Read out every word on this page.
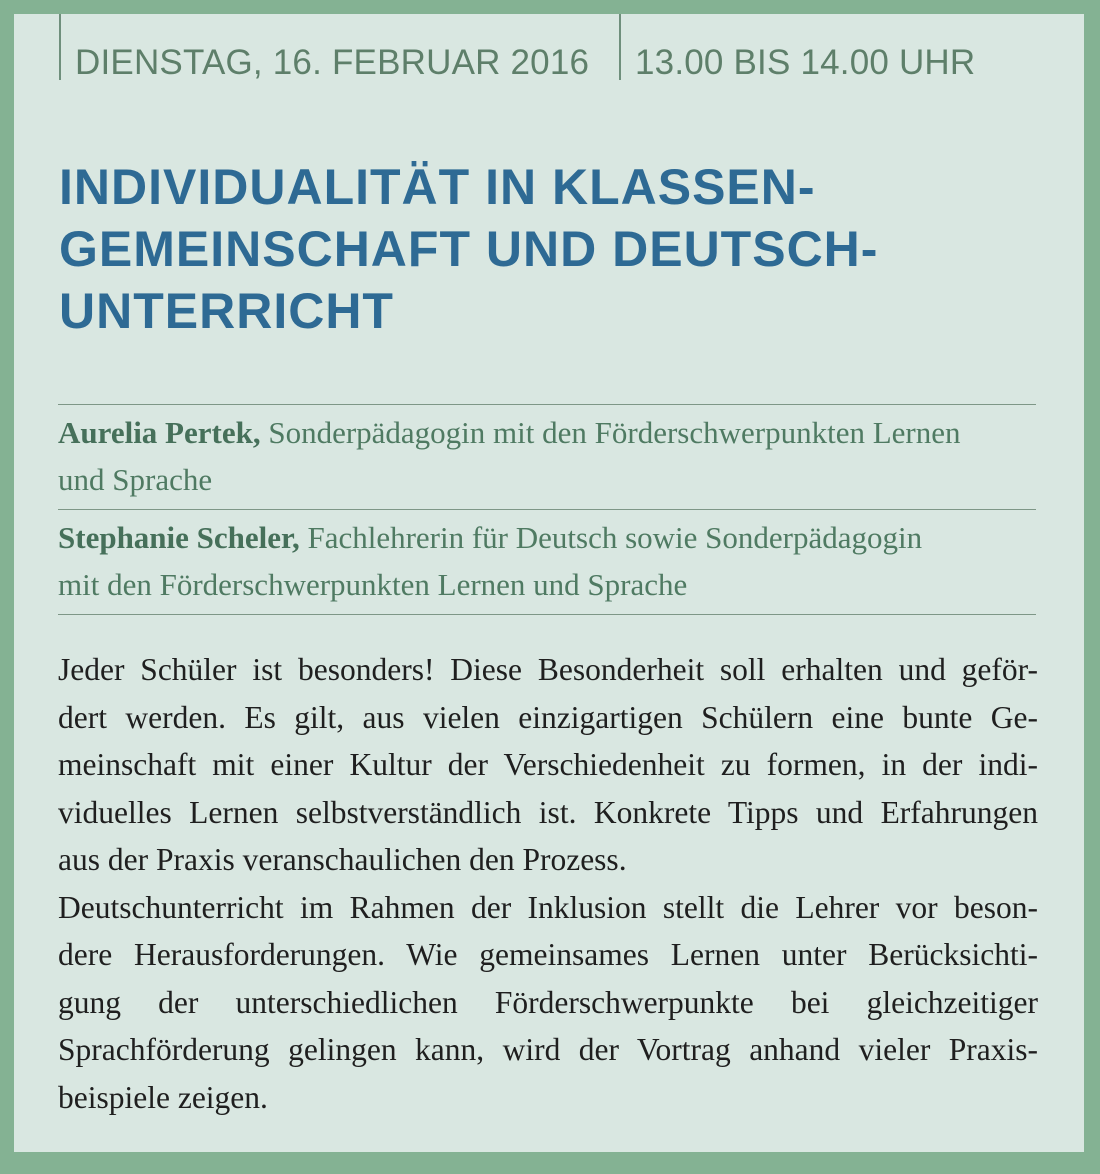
DIENSTAG, 16. FEBRUAR 2016	13.00 BIS 14.00 UHR
INDIVIDUALITÄT IN KLASSEN-
GEMEINSCHAFT UND DEUTSCH-
UNTERRICHT
Aurelia Pertek, Sonderpädagogin mit den Förderschwerpunkten Lernen
und Sprache
Stephanie Scheler, Fachlehrerin für Deutsch sowie Sonderpädagogin
mit den Förderschwerpunkten Lernen und Sprache

Jeder Schüler ist besonders! Diese Besonderheit soll erhalten und geför-
dert werden. Es gilt, aus vielen einzigartigen Schülern eine bunte Ge-
meinschaft mit einer Kultur der Verschiedenheit zu formen, in der indi-
viduelles Lernen selbstverständlich ist. Konkrete Tipps und Erfahrungen
aus der Praxis veranschaulichen den Prozess.

Deutschunterricht im Rahmen der Inklusion stellt die Lehrer vor beson-
dere Herausforderungen. Wie gemeinsames Lernen unter Berücksichti-
gung der unterschiedlichen Förderschwerpunkte bei gleichzeitiger
Sprachförderung gelingen kann, wird der Vortrag anhand vieler Praxis-
beispiele zeigen.
